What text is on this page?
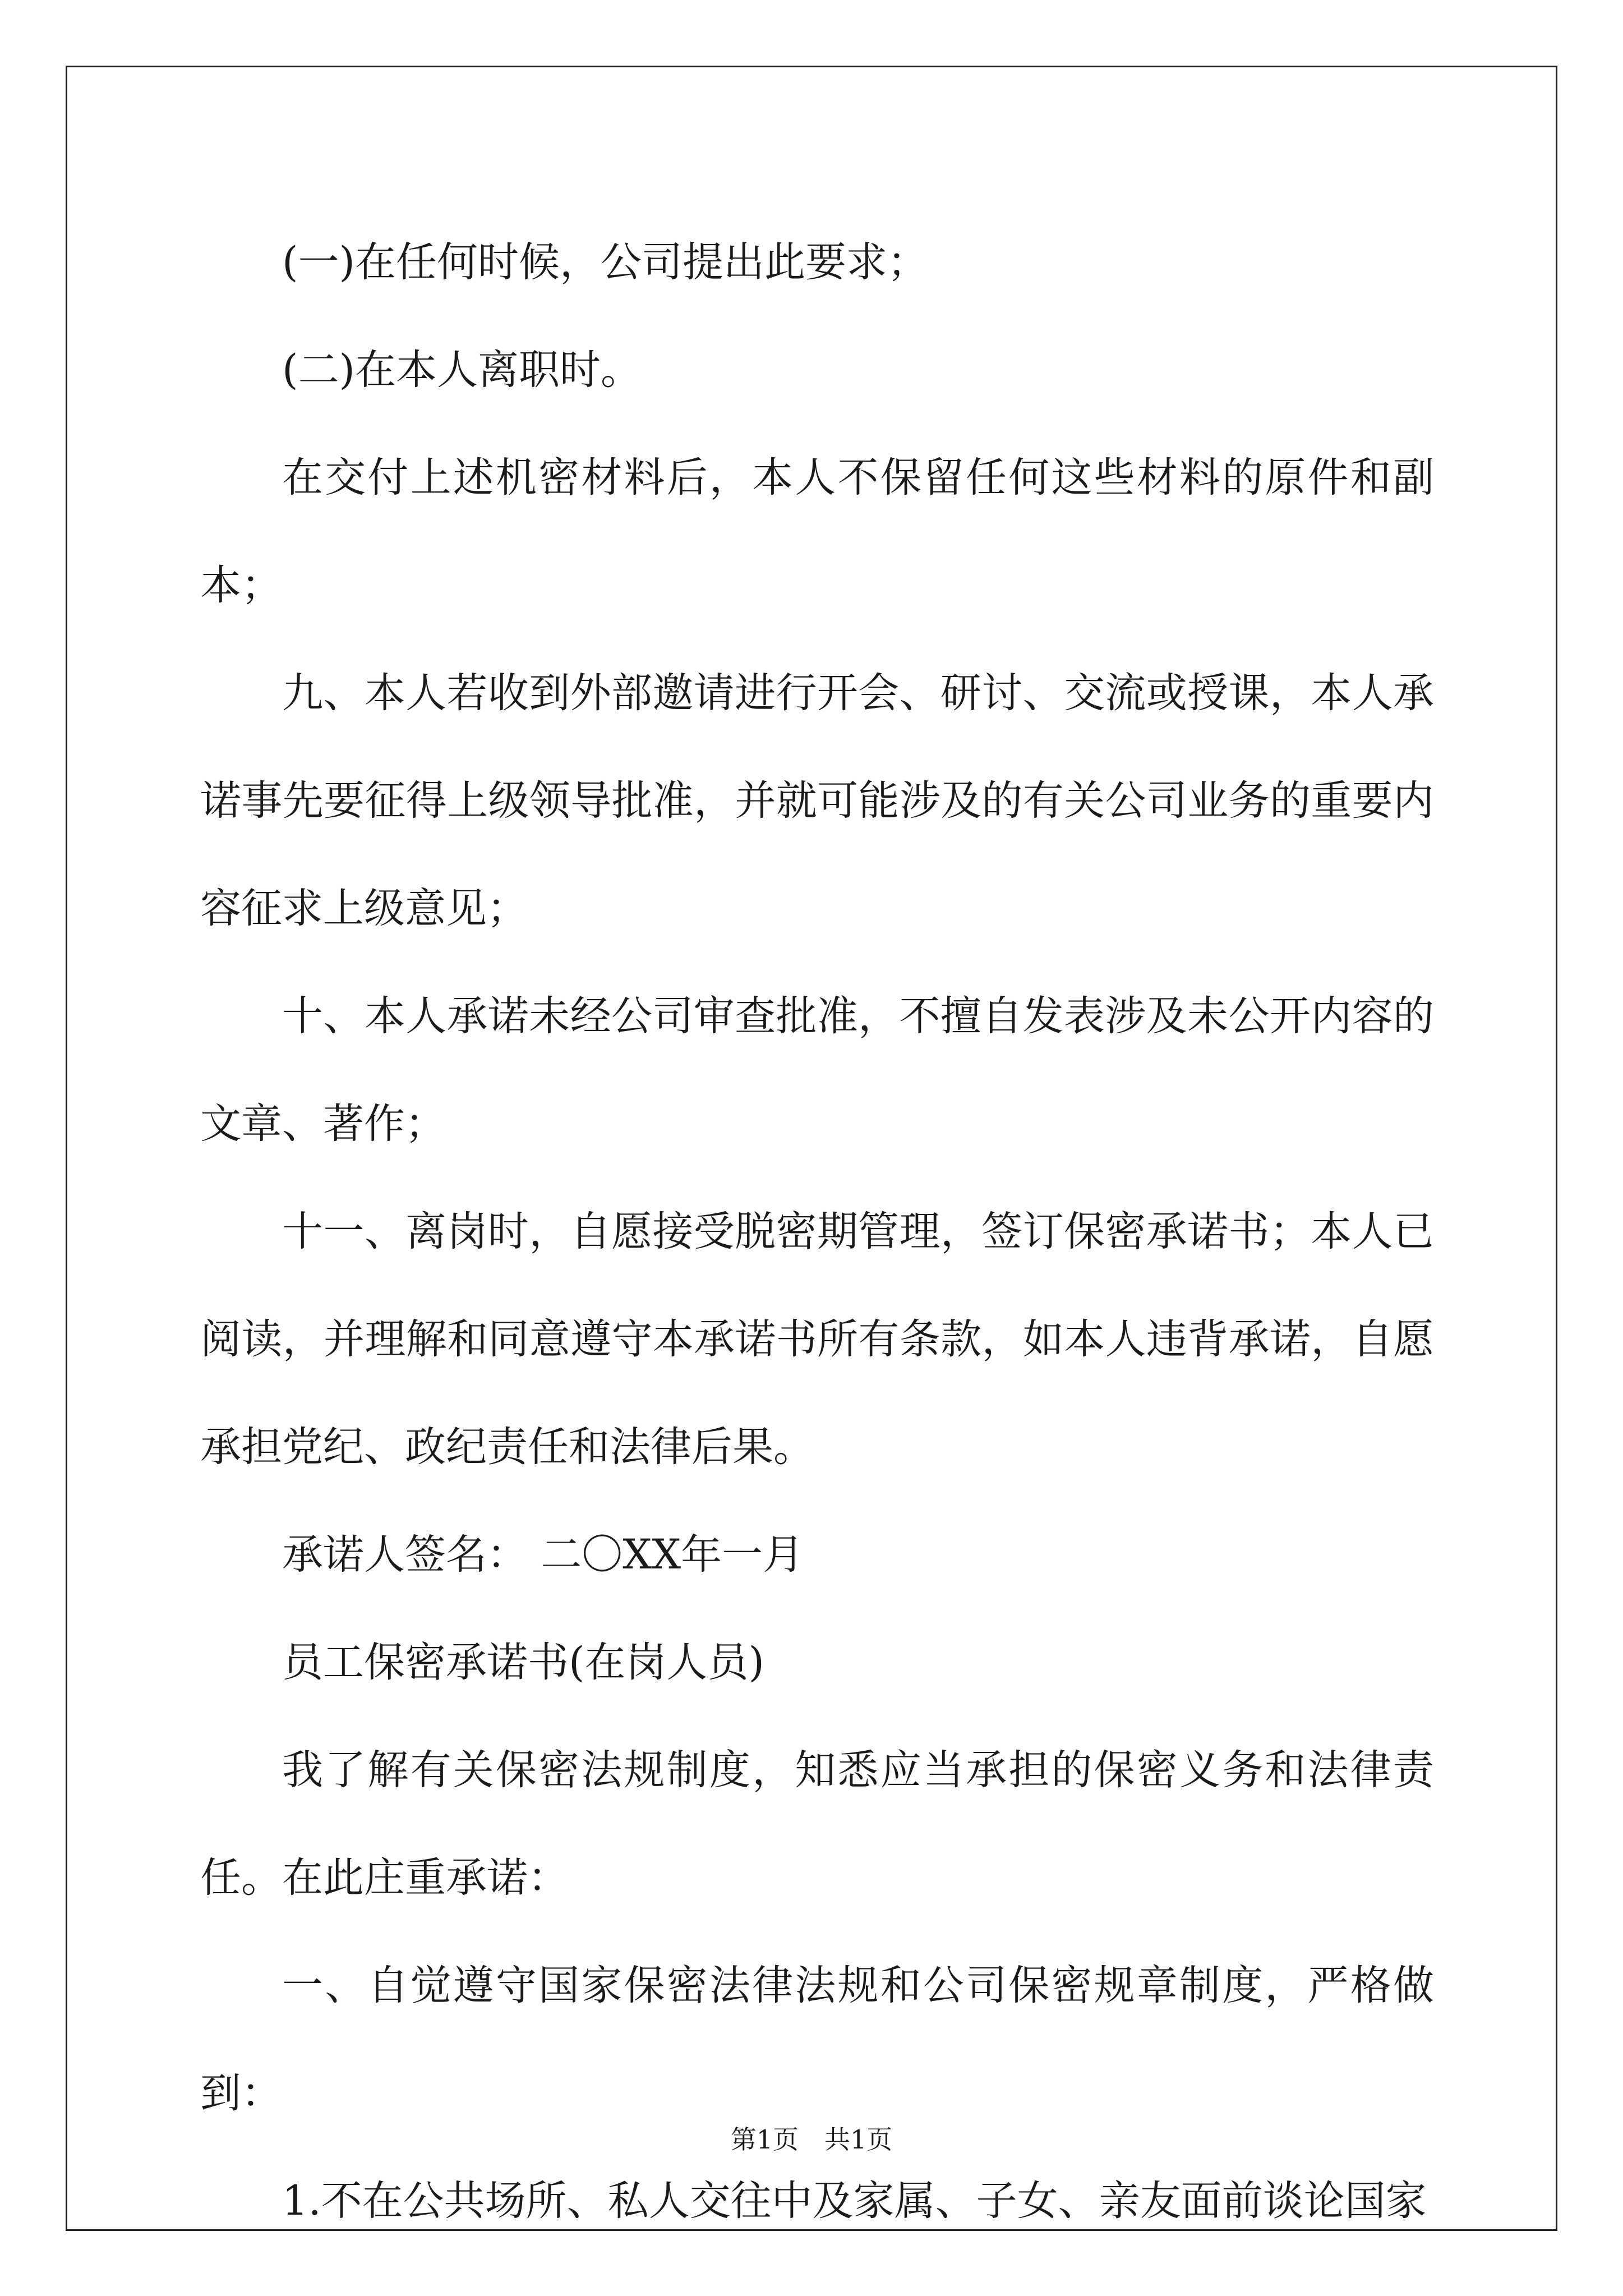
(一)在任何时候，公司提出此要求；

(二)在本人离职时。

在交付上述机密材料后，本人不保留任何这些材料的原件和副本；

九、本人若收到外部邀请进行开会、研讨、交流或授课，本人承诺事先要征得上级领导批准，并就可能涉及的有关公司业务的重要内容征求上级意见；

十、本人承诺未经公司审查批准，不擅自发表涉及未公开内容的文章、著作；

十一、离岗时，自愿接受脱密期管理，签订保密承诺书；本人已阅读，并理解和同意遵守本承诺书所有条款，如本人违背承诺，自愿承担党纪、政纪责任和法律后果。

承诺人签名： 二〇XX年一月

员工保密承诺书(在岗人员)

我了解有关保密法规制度，知悉应当承担的保密义务和法律责任。在此庄重承诺：

一、自觉遵守国家保密法律法规和公司保密规章制度，严格做到：

1.不在公共场所、私人交往中及家属、子女、亲友面前谈论国家

第1页 共1页
